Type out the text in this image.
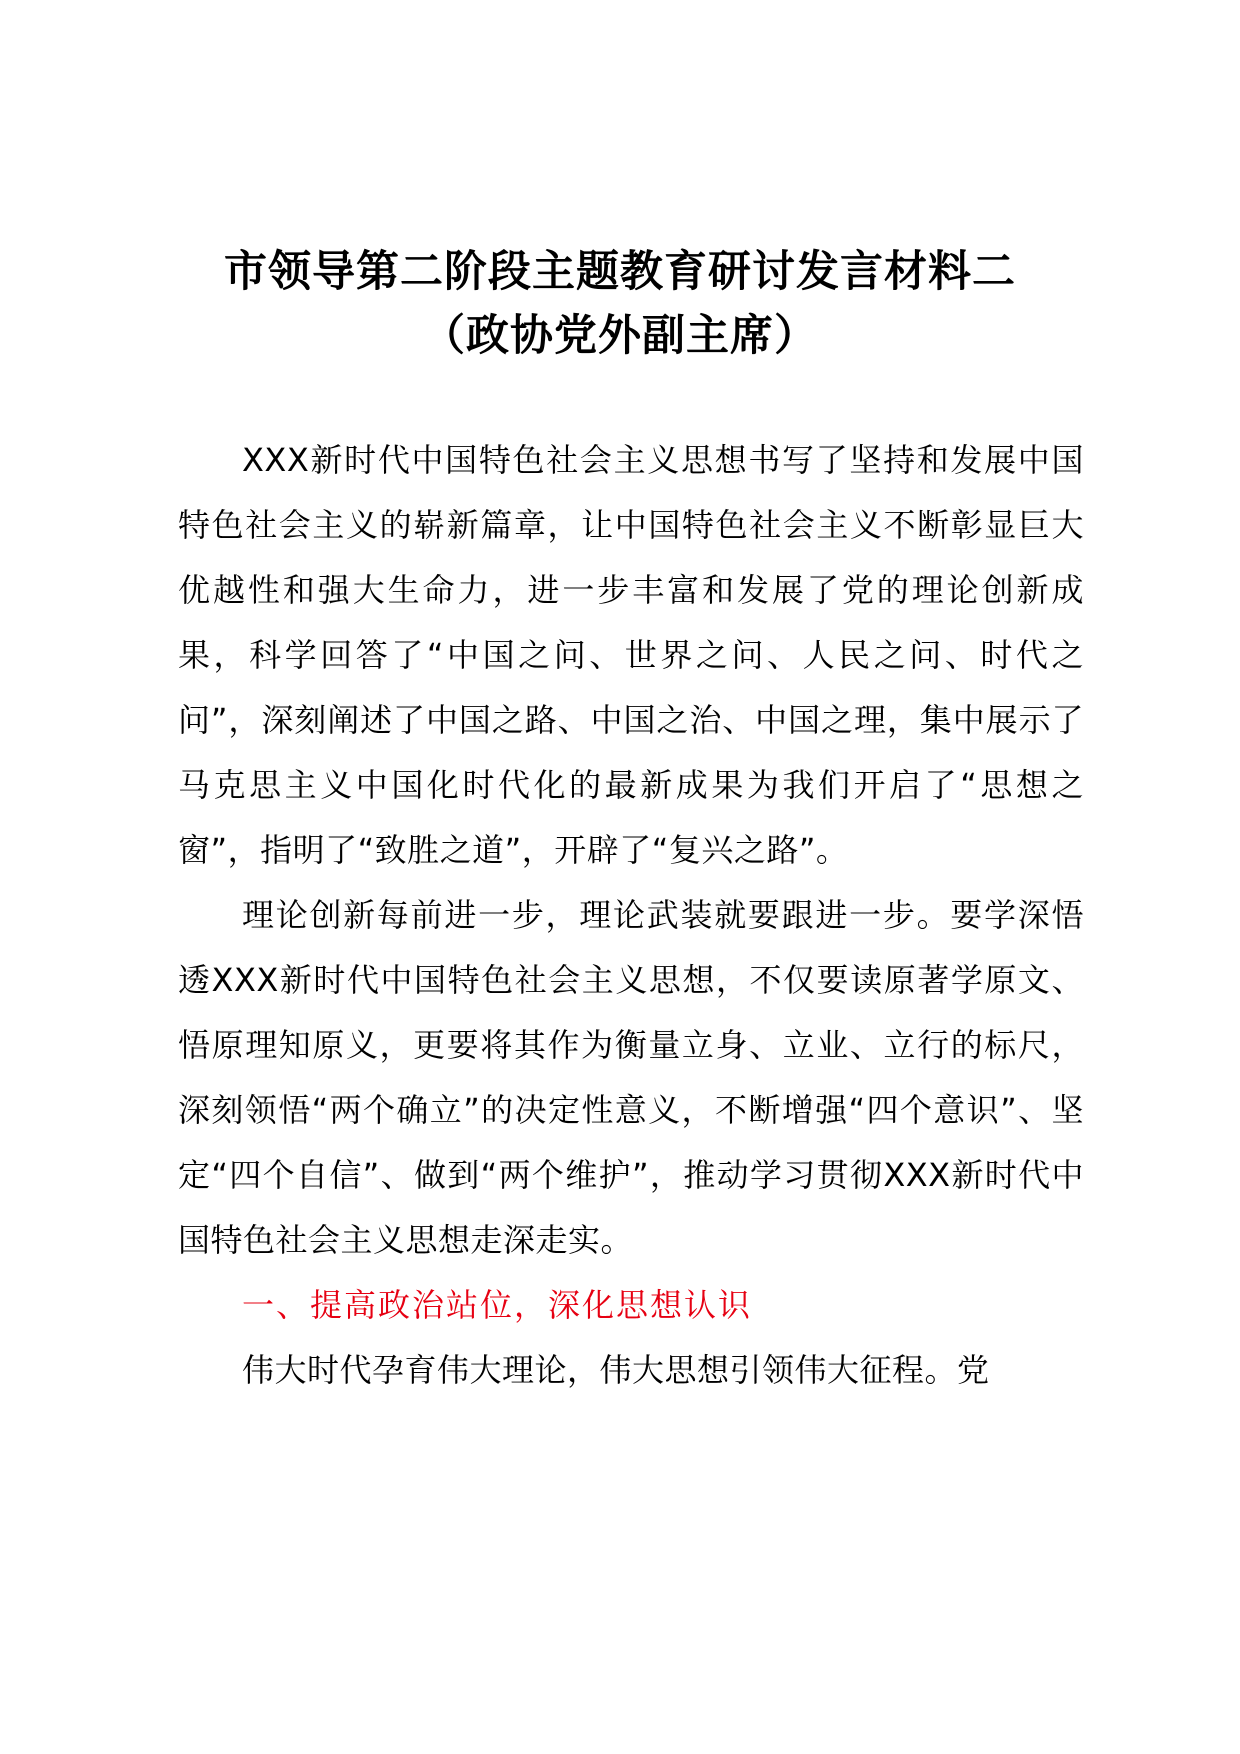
市领导第二阶段主题教育研讨发言材料二
（政协党外副主席）

XXX新时代中国特色社会主义思想书写了坚持和发展中国特色社会主义的崭新篇章，让中国特色社会主义不断彰显巨大优越性和强大生命力，进一步丰富和发展了党的理论创新成果，科学回答了“中国之问、世界之问、人民之问、时代之问”，深刻阐述了中国之路、中国之治、中国之理，集中展示了马克思主义中国化时代化的最新成果为我们开启了“思想之窗”，指明了“致胜之道”，开辟了“复兴之路”。

理论创新每前进一步，理论武装就要跟进一步。要学深悟透XXX新时代中国特色社会主义思想，不仅要读原著学原文、悟原理知原义，更要将其作为衡量立身、立业、立行的标尺，深刻领悟“两个确立”的决定性意义，不断增强“四个意识”、坚定“四个自信”、做到“两个维护”，推动学习贯彻XXX新时代中国特色社会主义思想走深走实。

一、提高政治站位，深化思想认识

伟大时代孕育伟大理论，伟大思想引领伟大征程。党
